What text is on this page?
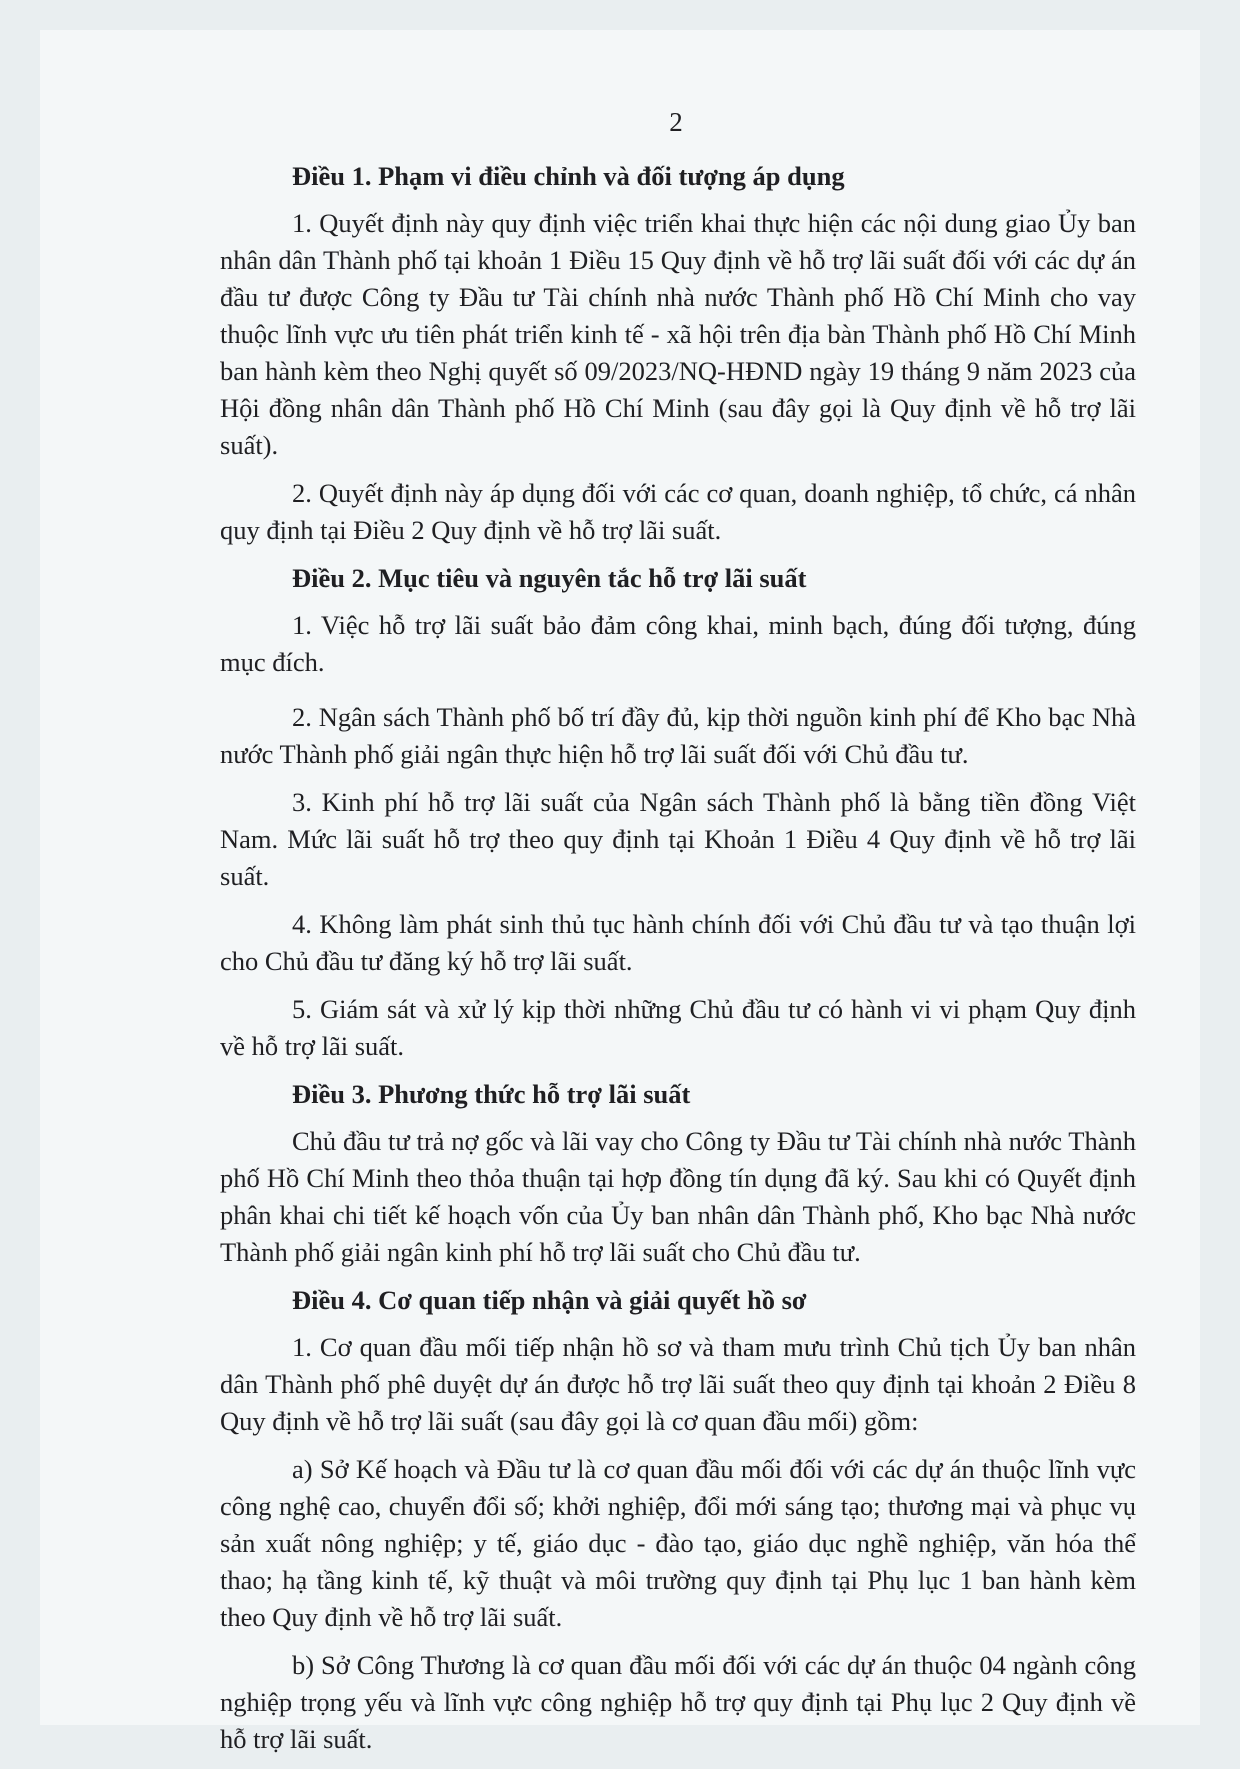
2
Điều 1. Phạm vi điều chỉnh và đối tượng áp dụng

1. Quyết định này quy định việc triển khai thực hiện các nội dung giao Ủy ban nhân dân Thành phố tại khoản 1 Điều 15 Quy định về hỗ trợ lãi suất đối với các dự án đầu tư được Công ty Đầu tư Tài chính nhà nước Thành phố Hồ Chí Minh cho vay thuộc lĩnh vực ưu tiên phát triển kinh tế - xã hội trên địa bàn Thành phố Hồ Chí Minh ban hành kèm theo Nghị quyết số 09/2023/NQ-HĐND ngày 19 tháng 9 năm 2023 của Hội đồng nhân dân Thành phố Hồ Chí Minh (sau đây gọi là Quy định về hỗ trợ lãi suất).

2. Quyết định này áp dụng đối với các cơ quan, doanh nghiệp, tổ chức, cá nhân quy định tại Điều 2 Quy định về hỗ trợ lãi suất.

Điều 2. Mục tiêu và nguyên tắc hỗ trợ lãi suất

1. Việc hỗ trợ lãi suất bảo đảm công khai, minh bạch, đúng đối tượng, đúng mục đích.

2. Ngân sách Thành phố bố trí đầy đủ, kịp thời nguồn kinh phí để Kho bạc Nhà nước Thành phố giải ngân thực hiện hỗ trợ lãi suất đối với Chủ đầu tư.

3. Kinh phí hỗ trợ lãi suất của Ngân sách Thành phố là bằng tiền đồng Việt Nam. Mức lãi suất hỗ trợ theo quy định tại Khoản 1 Điều 4 Quy định về hỗ trợ lãi suất.

4. Không làm phát sinh thủ tục hành chính đối với Chủ đầu tư và tạo thuận lợi cho Chủ đầu tư đăng ký hỗ trợ lãi suất.

5. Giám sát và xử lý kịp thời những Chủ đầu tư có hành vi vi phạm Quy định về hỗ trợ lãi suất.

Điều 3. Phương thức hỗ trợ lãi suất

Chủ đầu tư trả nợ gốc và lãi vay cho Công ty Đầu tư Tài chính nhà nước Thành phố Hồ Chí Minh theo thỏa thuận tại hợp đồng tín dụng đã ký. Sau khi có Quyết định phân khai chi tiết kế hoạch vốn của Ủy ban nhân dân Thành phố, Kho bạc Nhà nước Thành phố giải ngân kinh phí hỗ trợ lãi suất cho Chủ đầu tư.

Điều 4. Cơ quan tiếp nhận và giải quyết hồ sơ

1. Cơ quan đầu mối tiếp nhận hồ sơ và tham mưu trình Chủ tịch Ủy ban nhân dân Thành phố phê duyệt dự án được hỗ trợ lãi suất theo quy định tại khoản 2 Điều 8 Quy định về hỗ trợ lãi suất (sau đây gọi là cơ quan đầu mối) gồm:

a) Sở Kế hoạch và Đầu tư là cơ quan đầu mối đối với các dự án thuộc lĩnh vực công nghệ cao, chuyển đổi số; khởi nghiệp, đổi mới sáng tạo; thương mại và phục vụ sản xuất nông nghiệp; y tế, giáo dục - đào tạo, giáo dục nghề nghiệp, văn hóa thể thao; hạ tầng kinh tế, kỹ thuật và môi trường quy định tại Phụ lục 1 ban hành kèm theo Quy định về hỗ trợ lãi suất.

b) Sở Công Thương là cơ quan đầu mối đối với các dự án thuộc 04 ngành công nghiệp trọng yếu và lĩnh vực công nghiệp hỗ trợ quy định tại Phụ lục 2 Quy định về hỗ trợ lãi suất.
